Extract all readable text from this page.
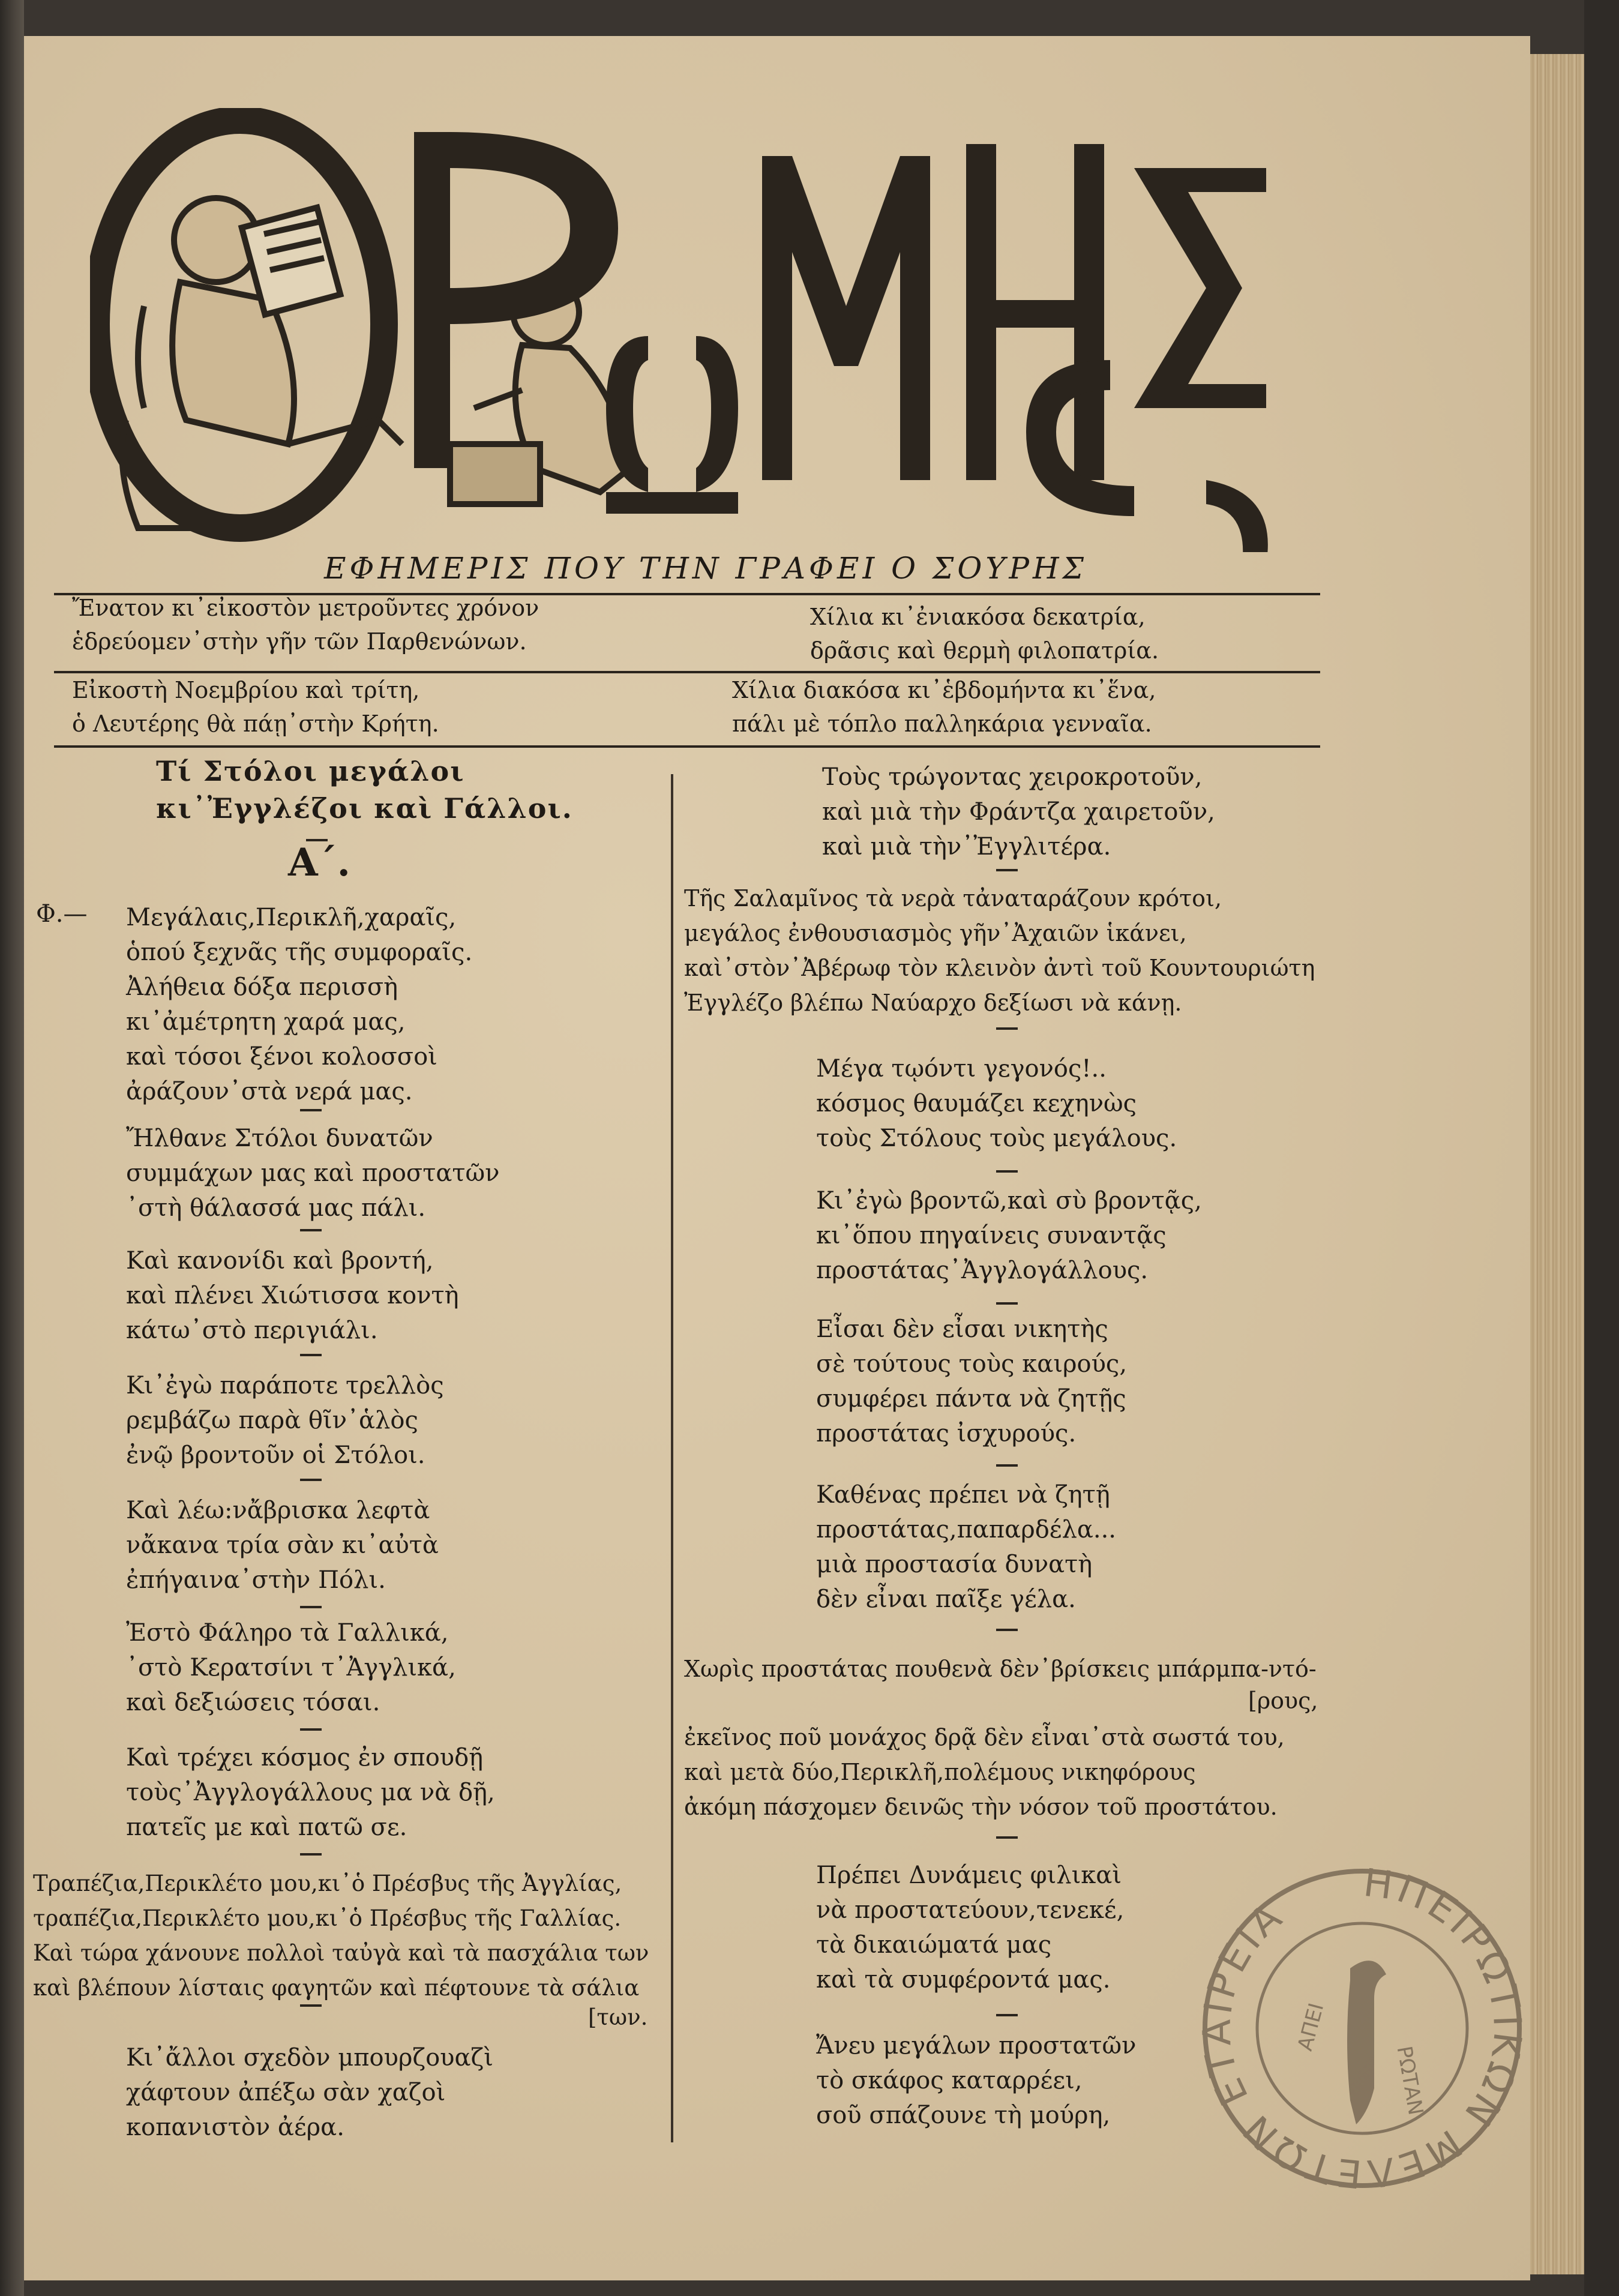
ΕΦΗΜΕΡΙΣ ΠΟΥ ΤΗΝ ΓΡΑΦΕΙ Ο ΣΟΥΡΗΣ
Ἔνατον κι᾽εἰκοστὸν μετροῦντες χρόνον
ἑδρεύομεν᾽στὴν γῆν τῶν Παρθενώνων.
Χίλια κι᾽ἐνιακόσα δεκατρία,
δρᾶσις καὶ θερμὴ φιλοπατρία.
Εἰκοστὴ Νοεμβρίου καὶ τρίτη,
ὁ Λευτέρης θὰ πάῃ᾽στὴν Κρήτη.
Χίλια διακόσα κι᾽ἑβδομήντα κι᾽ἕνα,
πάλι μὲ τόπλο παλληκάρια γενναῖα.
Τί Στόλοι μεγάλοι
κι᾽Ἐγγλέζοι καὶ Γάλλοι.
Α΄.
Φ.— Μεγάλαις,Περικλῆ,χαραῖς,
ὁπού ξεχνᾶς τῆς συμφοραῖς.
Ἀλήθεια δόξα περισσὴ
κι᾽ἀμέτρητη χαρά μας,
καὶ τόσοι ξένοι κολοσσοὶ
ἀράζουν᾽στὰ νερά μας.
Ἤλθανε Στόλοι δυνατῶν
συμμάχων μας καὶ προστατῶν
᾽στὴ θάλασσά μας πάλι.
Καὶ κανονίδι καὶ βροντή,
καὶ πλένει Χιώτισσα κοντὴ
κάτω᾽στὸ περιγιάλι.
Κι᾽ἐγὼ παράποτε τρελλὸς
ρεμβάζω παρὰ θῖν᾽ἁλὸς
ἐνῷ βροντοῦν οἱ Στόλοι.
Καὶ λέω:νἄβρισκα λεφτὰ
νἄκανα τρία σὰν κι᾽αὐτὰ
ἐπήγαινα᾽στὴν Πόλι.
Ἐστὸ Φάληρο τὰ Γαλλικά,
᾽στὸ Κερατσίνι τ᾽Ἀγγλικά,
καὶ δεξιώσεις τόσαι.
Καὶ τρέχει κόσμος ἐν σπουδῇ
τοὺς᾽Ἀγγλογάλλους μα νὰ δῇ,
πατεῖς με καὶ πατῶ σε.
Τραπέζια,Περικλέτο μου,κι᾽ὁ Πρέσβυς τῆς Ἀγγλίας,
τραπέζια,Περικλέτο μου,κι᾽ὁ Πρέσβυς τῆς Γαλλίας.
Καὶ τώρα χάνουνε πολλοὶ ταὐγὰ καὶ τὰ πασχάλια των
καὶ βλέπουν λίσταις φαγητῶν καὶ πέφτουνε τὰ σάλια
[των.
Κι᾽ἄλλοι σχεδὸν μπουρζουαζὶ
χάφτουν ἀπέξω σὰν χαζοὶ
κοπανιστὸν ἀέρα.
Τοὺς τρώγοντας χειροκροτοῦν,
καὶ μιὰ τὴν Φράντζα χαιρετοῦν,
καὶ μιὰ τὴν᾽Ἐγγλιτέρα.
Τῆς Σαλαμῖνος τὰ νερὰ τἀναταράζουν κρότοι,
μεγάλος ἐνθουσιασμὸς γῆν᾽Ἀχαιῶν ἱκάνει,
καὶ᾽στὸν᾽Ἀβέρωφ τὸν κλεινὸν ἀντὶ τοῦ Κουντουριώτη
Ἐγγλέζο βλέπω Ναύαρχο δεξίωσι νὰ κάνῃ.
Μέγα τῳόντι γεγονός!..
κόσμος θαυμάζει κεχηνὼς
τοὺς Στόλους τοὺς μεγάλους.
Κι᾽ἐγὼ βροντῶ,καὶ σὺ βροντᾷς,
κι᾽ὅπου πηγαίνεις συναντᾷς
προστάτας᾽Ἀγγλογάλλους.
Εἶσαι δὲν εἶσαι νικητὴς
σὲ τούτους τοὺς καιρούς,
συμφέρει πάντα νὰ ζητῇς
προστάτας ἰσχυρούς.
Καθένας πρέπει νὰ ζητῇ
προστάτας,παπαρδέλα...
μιὰ προστασία δυνατὴ
δὲν εἶναι παῖξε γέλα.
Χωρὶς προστάτας πουθενὰ δὲν᾽βρίσκεις μπάρμπα-ντό-
ἐκεῖνος ποῦ μονάχος δρᾷ δὲν εἶναι᾽στὰ σωστά του,
καὶ μετὰ δύο,Περικλῆ,πολέμους νικηφόρους
ἀκόμη πάσχομεν δεινῶς τὴν νόσον τοῦ προστάτου.
[ρους,
Πρέπει Δυνάμεις φιλικαὶ
νὰ προστατεύουν,τενεκέ,
τὰ δικαιώματά μας
καὶ τὰ συμφέροντά μας.
Ἄνευ μεγάλων προστατῶν
τὸ σκάφος καταρρέει,
σοῦ σπάζουνε τὴ μούρη,
ΗΠΕΙΡΩΤΙΚΩΝ ΜΕΛΕΤΩΝ ΕΤΑΙΡΕΙΑ
ΑΠΕΙ
ΡΩΤΑΝ
